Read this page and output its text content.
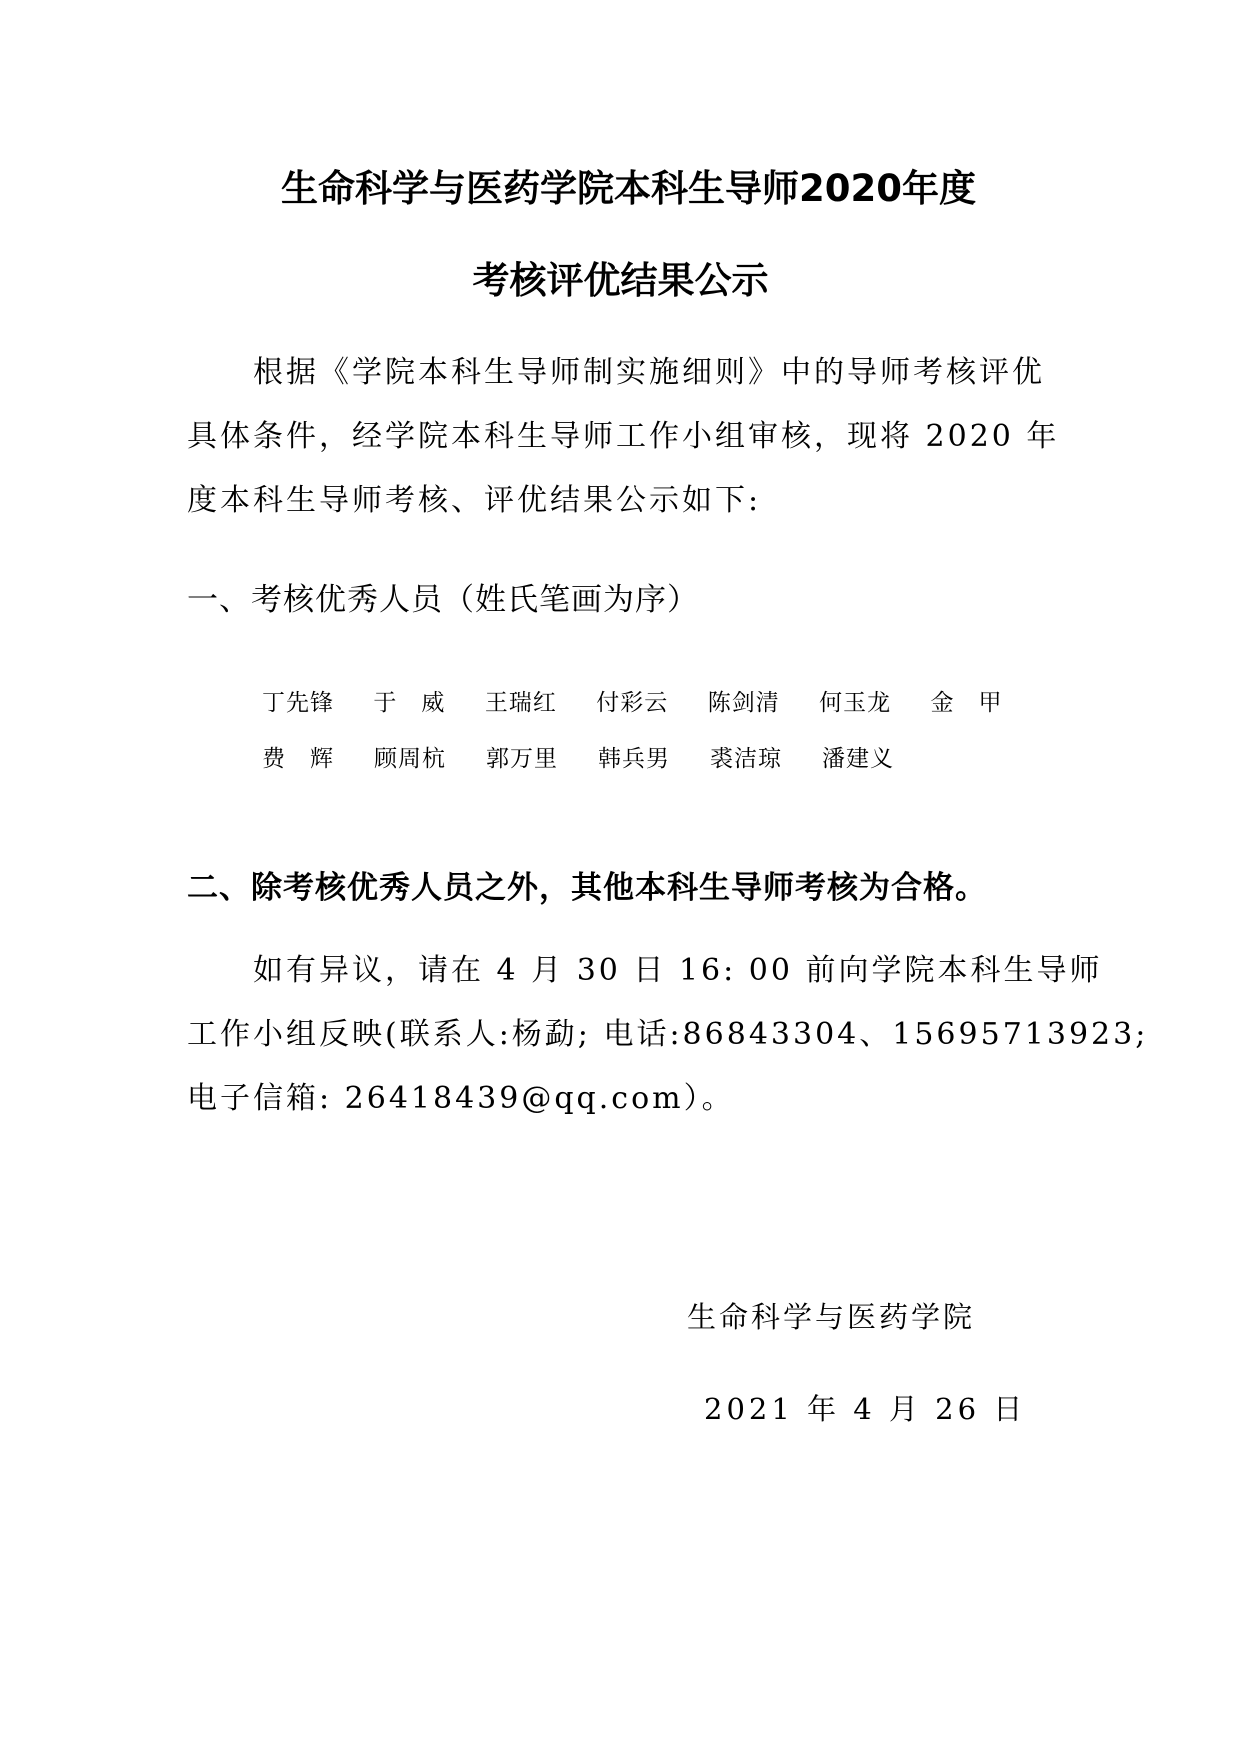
生命科学与医药学院本科生导师2020年度
考核评优结果公示

　　根据《学院本科生导师制实施细则》中的导师考核评优
具体条件，经学院本科生导师工作小组审核，现将 2020 年
度本科生导师考核、评优结果公示如下:

一、考核优秀人员（姓氏笔画为序）
丁先锋	于　威	王瑞红	付彩云	陈剑清	何玉龙	金　甲
费　辉	顾周杭	郭万里	韩兵男	裘洁琼	潘建义
二、除考核优秀人员之外，其他本科生导师考核为合格。

　　如有异议，请在 4 月 30 日 16: 00 前向学院本科生导师
工作小组反映(联系人:杨勐; 电话:86843304、15695713923;
电子信箱: 26418439@qq.com）。

生命科学与医药学院
2021 年 4 月 26 日
